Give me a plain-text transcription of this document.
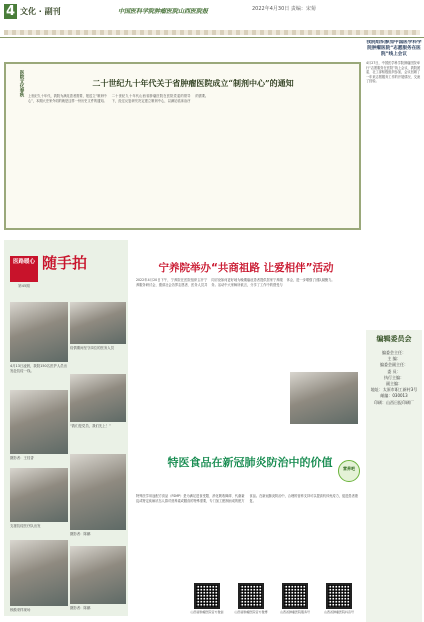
4 文化 · 副刊	中国医科学院肿瘤医院山西医院报	2022年4月30日 责编：宋菊
医院文化春秋	二十世纪九十年代关于省肿瘤医院成立“制剂中心”的通知
上世纪九十年代，我院为满足患者需要，报送立“制剂中心”，本期大史家介绍的就是这样一份历史文件的通知。二十世纪九十年代山西省肿瘤医院在医院党委的领导下，经过反复研究决定建立制剂中心，以满足临床治疗的需要。
我院组织参加中国医学科学院肿瘤医院“志愿服务在医院”线上会议
4月27日，中国医学科学院肿瘤医院举行“志愿服务在医院”线上会议，我院团委、社工部积极组织参加，会议回顾了一年来志愿服务工作的开展情况，交流了经验。
医路暖心
第45期
随手拍
4月13日凌晨，我院150名医护人员出发赴抗疫一线。
疫情期间坚守岗位的医务人员
“我们是党员，我们先上！”
摄影者：王桂香
支援抗疫医疗队出发
摄影者：陈鹏
核酸采样现场	摄影者：陈鹏
宁养院举办“共商祖路 让爱相伴”活动
2022年4月20日下午，宁养院在医院组织召开宁养服务研讨会，邀请社会各界志愿者、医务人员共同讨论如何更好地为晚期癌症患者提供居家宁养服务。活动中大家畅所欲言，分享了工作中的感受与体会，进一步增强了团队凝聚力。
特医食品在新冠肺炎防治中的价值	营养吧
特殊医学用途配方食品（FSMP）是为满足进食受限、消化吸收障碍、代谢紊乱或特定疾病状态人群对营养素或膳食的特殊需要，专门加工配制而成的配方食品。在新冠肺炎防治中，合理的营养支持可以提高机体免疫力，促进患者康复。
山西省肿瘤医院官方微信	山西省肿瘤医院官方微博	山西省肿瘤医院服务号	山西省肿瘤医院抖音号
编辑委员会

编委会主任：

主 编：

编委会副主任：

委 员：

执行主编：

副主编：

地址：太原市职工新村3号

邮编：030013

印刷：山西日报印刷厂
